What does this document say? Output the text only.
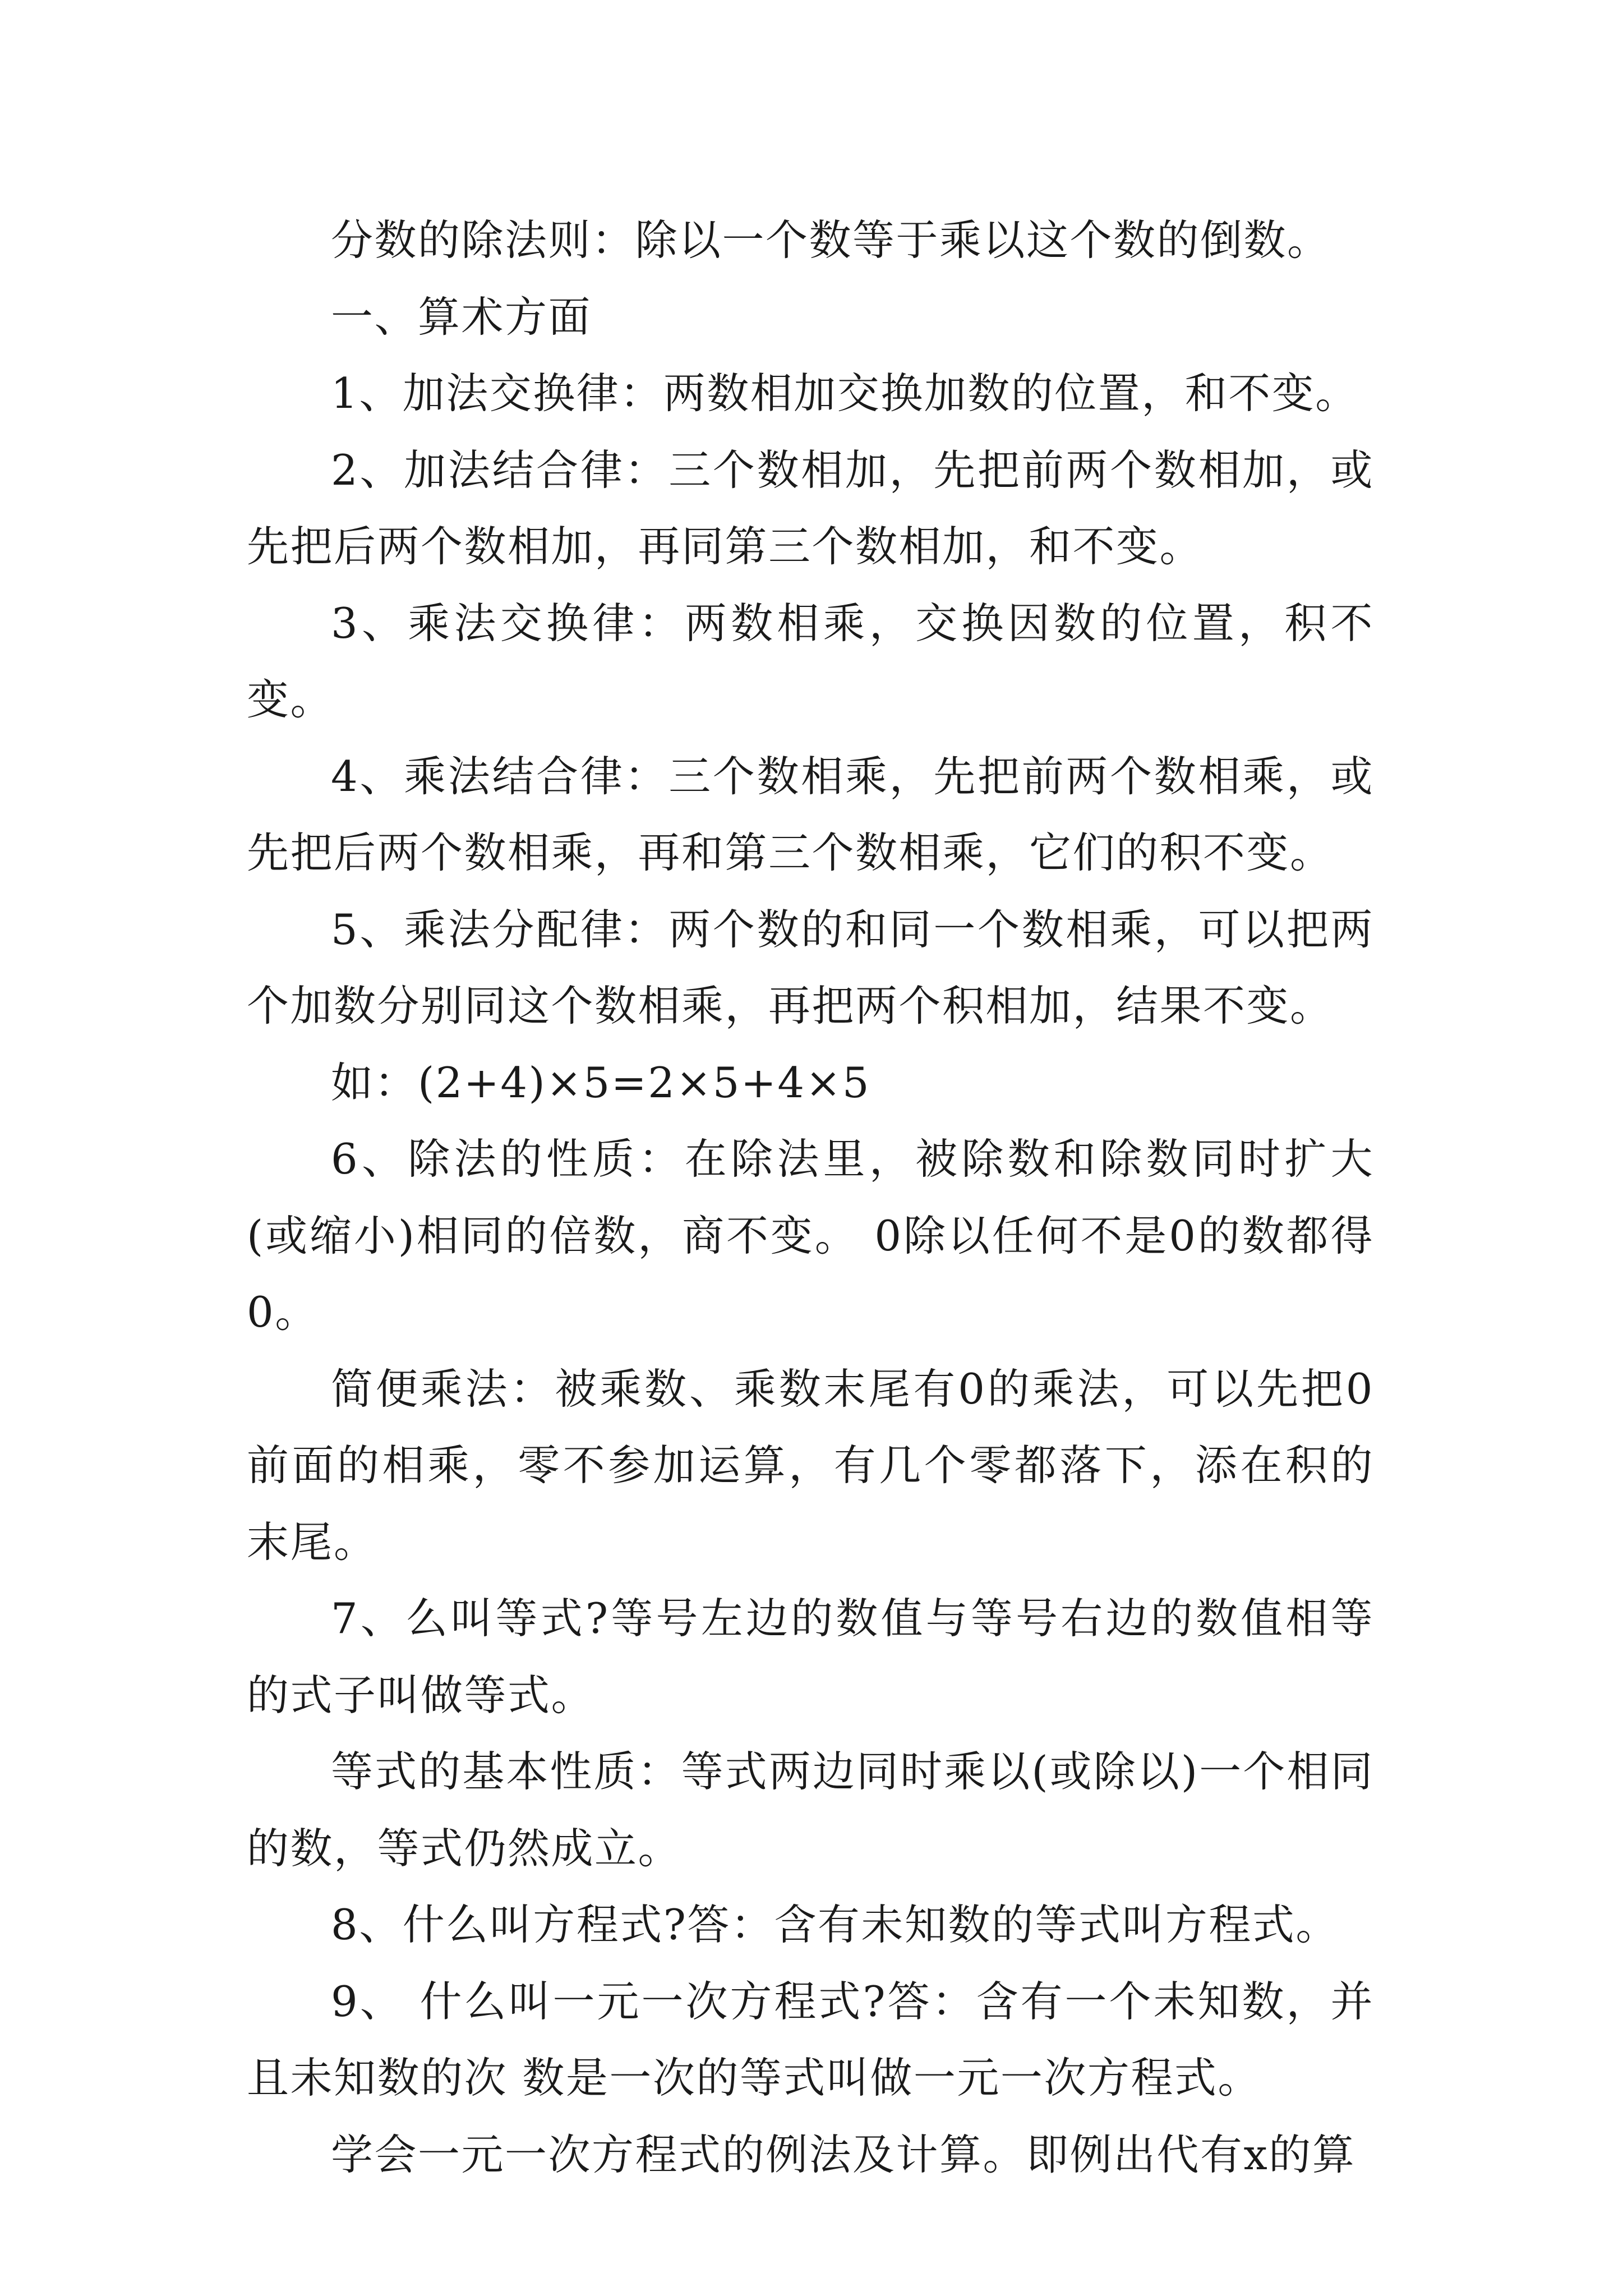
分数的除法则：除以一个数等于乘以这个数的倒数。

一、算术方面

1、加法交换律：两数相加交换加数的位置，和不变。

2、加法结合律：三个数相加，先把前两个数相加，或先把后两个数相加，再同第三个数相加，和不变。

3、乘法交换律：两数相乘，交换因数的位置，积不变。

4、乘法结合律：三个数相乘，先把前两个数相乘，或先把后两个数相乘，再和第三个数相乘，它们的积不变。

5、乘法分配律：两个数的和同一个数相乘，可以把两个加数分别同这个数相乘，再把两个积相加，结果不变。

如：(2+4)×5=2×5+4×5

6、除法的性质：在除法里，被除数和除数同时扩大(或缩小)相同的倍数，商不变。 0除以任何不是0的数都得0。

简便乘法：被乘数、乘数末尾有0的乘法，可以先把0前面的相乘，零不参加运算，有几个零都落下，添在积的末尾。

7、么叫等式?等号左边的数值与等号右边的数值相等的式子叫做等式。

等式的基本性质：等式两边同时乘以(或除以)一个相同的数，等式仍然成立。

8、什么叫方程式?答：含有未知数的等式叫方程式。

9、 什么叫一元一次方程式?答：含有一个未知数，并且未知数的次 数是一次的等式叫做一元一次方程式。

学会一元一次方程式的例法及计算。即例出代有x的算
